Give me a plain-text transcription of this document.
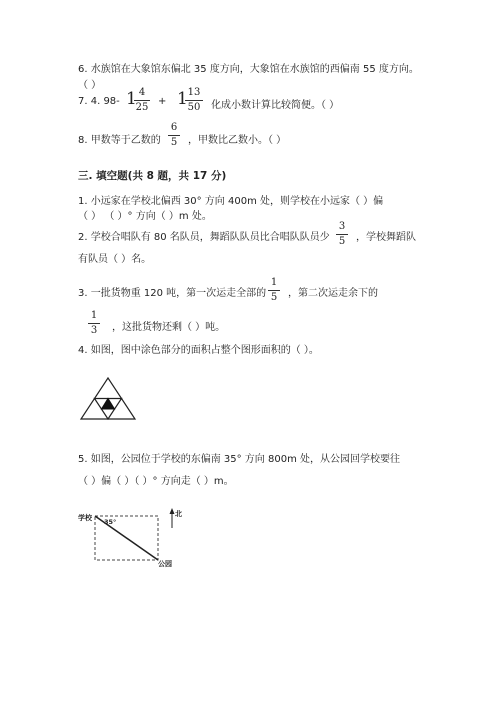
6. 水族馆在大象馆东偏北 35 度方向，大象馆在水族馆的西偏南 55 度方向。
（ ）
7. 4. 98- 1 4
25
+ 1 13
50 化成小数计算比较简便。（ ）
8. 甲数等于乙数的
6
5 ，甲数比乙数小。（ ）
三. 填空题(共 8 题，共 17 分)
1. 小远家在学校北偏西 30° 方向 400m 处，则学校在小远家（ ）偏
（ ） （ ）° 方向（ ）m 处。
2. 学校合唱队有 80 名队员，舞蹈队队员比合唱队队员少
3
5 ，学校舞蹈队
有队员（ ）名。
3. 一批货物重 120 吨，第一次运走全部的
1
5 ，第二次运走余下的
1
3 ，这批货物还剩（ ）吨。
4. 如图，图中涂色部分的面积占整个图形面积的（ ）。
5. 如图，公园位于学校的东偏南 35° 方向 800m 处，从公园回学校要往
（ ）偏（ ）（ ）° 方向走（ ）m。
学校
公园
35°
北
